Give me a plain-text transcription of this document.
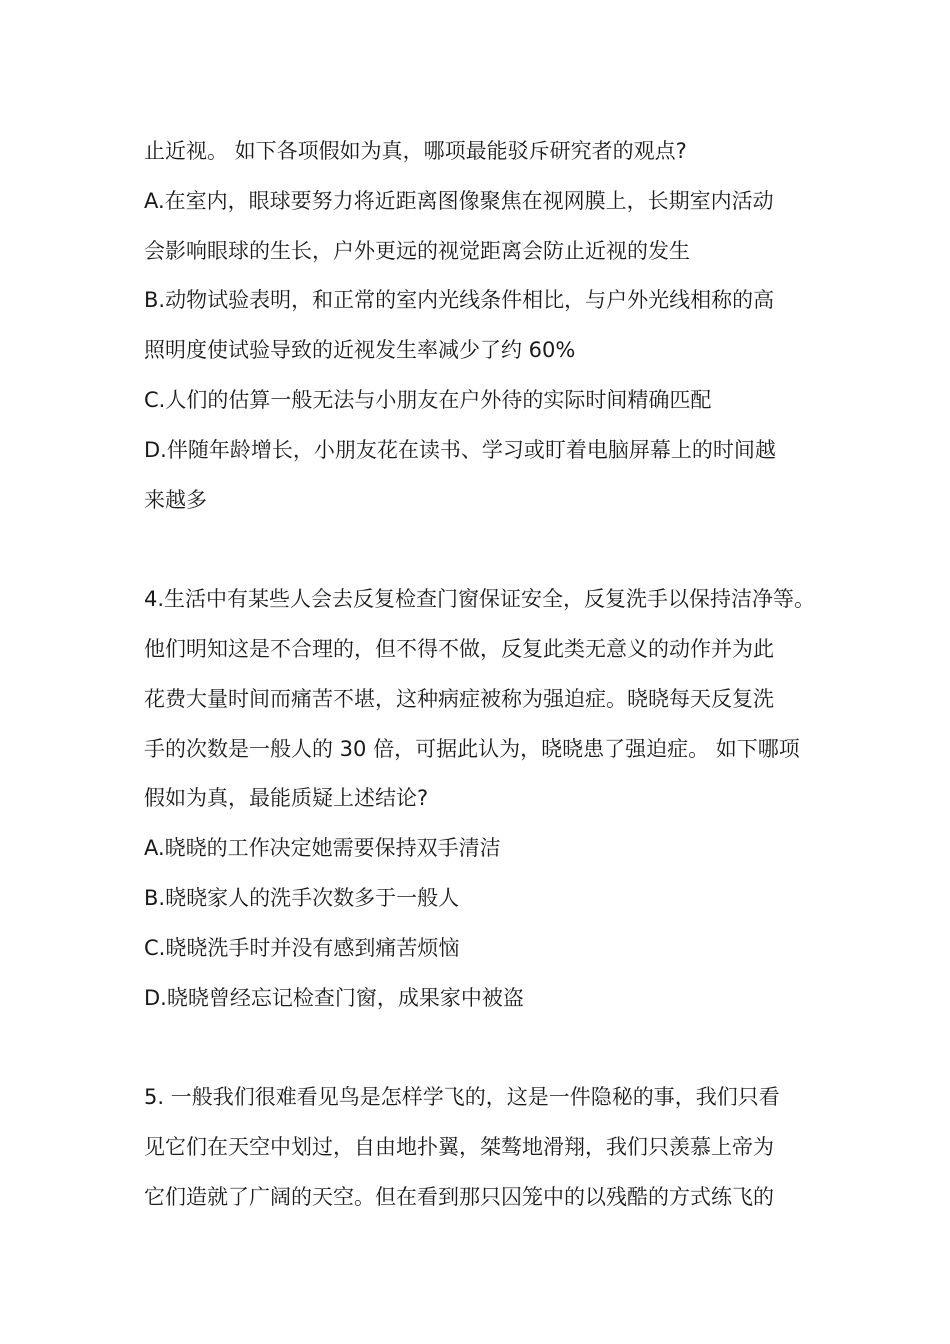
止近视。 如下各项假如为真，哪项最能驳斥研究者的观点?
A.在室内，眼球要努力将近距离图像聚焦在视网膜上，长期室内活动
会影响眼球的生长，户外更远的视觉距离会防止近视的发生
B.动物试验表明，和正常的室内光线条件相比，与户外光线相称的高
照明度使试验导致的近视发生率减少了约 60%
C.人们的估算一般无法与小朋友在户外待的实际时间精确匹配
D.伴随年龄增长，小朋友花在读书、学习或盯着电脑屏幕上的时间越
来越多
4.生活中有某些人会去反复检查门窗保证安全，反复洗手以保持洁净等。
他们明知这是不合理的，但不得不做，反复此类无意义的动作并为此
花费大量时间而痛苦不堪，这种病症被称为强迫症。晓晓每天反复洗
手的次数是一般人的 30 倍，可据此认为，晓晓患了强迫症。 如下哪项
假如为真，最能质疑上述结论?
A.晓晓的工作决定她需要保持双手清洁
B.晓晓家人的洗手次数多于一般人
C.晓晓洗手时并没有感到痛苦烦恼
D.晓晓曾经忘记检查门窗，成果家中被盗
5. 一般我们很难看见鸟是怎样学飞的，这是一件隐秘的事，我们只看
见它们在天空中划过，自由地扑翼，桀骜地滑翔，我们只羡慕上帝为
它们造就了广阔的天空。但在看到那只囚笼中的以残酷的方式练飞的
